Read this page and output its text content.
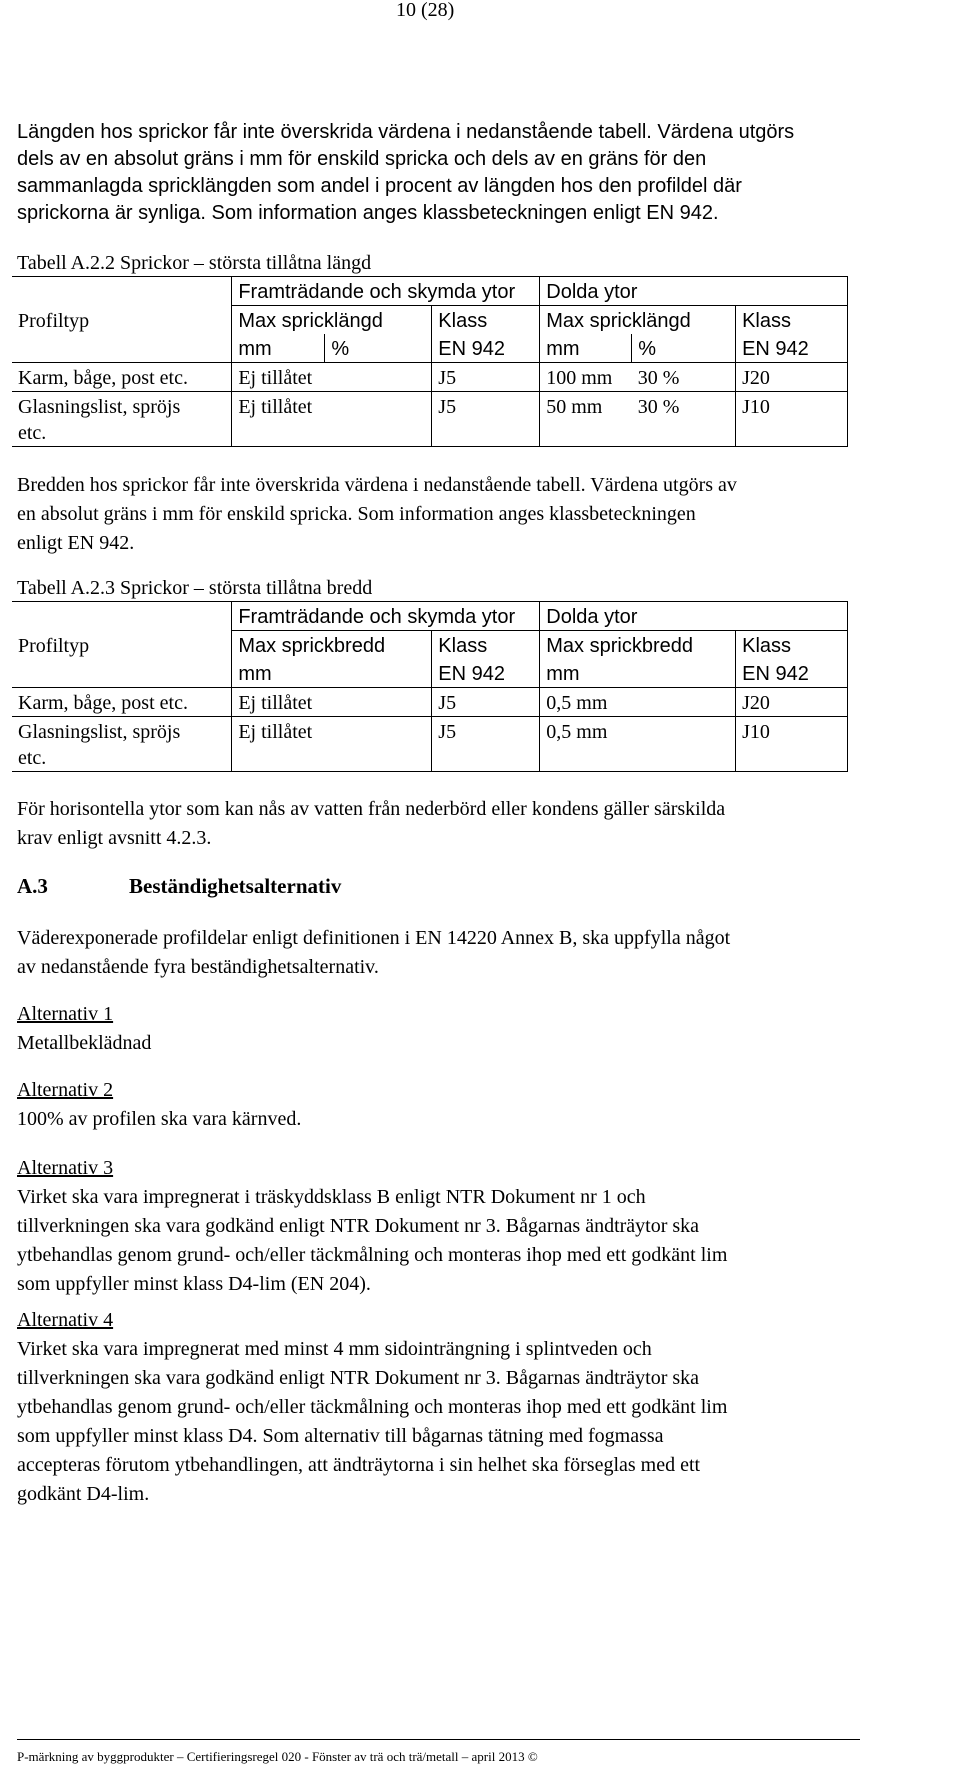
10 (28)
Längden hos sprickor får inte överskrida värdena i nedanstående tabell. Värdena utgörs
dels av en absolut gräns i mm för enskild spricka och dels av en gräns för den
sammanlagda spricklängden som andel i procent av längden hos den profildel där
sprickorna är synliga. Som information anges klassbeteckningen enligt EN 942.
Tabell A.2.2 Sprickor – största tillåtna längd
	Framträdande och skymda ytor			Dolda ytor		
Profiltyp	Max spricklängd		Klass	Max spricklängd		Klass
	mm	%	EN 942	mm	%	EN 942
Karm, båge, post etc.	Ej tillåtet		J5	100 mm	30 %	J20

Glasningslist, spröjs
etc.	Ej tillåtet		J5	50 mm	30 %	J10
Bredden hos sprickor får inte överskrida värdena i nedanstående tabell. Värdena utgörs av
en absolut gräns i mm för enskild spricka. Som information anges klassbeteckningen
enligt EN 942.
Tabell A.2.3 Sprickor – största tillåtna bredd
	Framträdande och skymda ytor		Dolda ytor	
Profiltyp	Max sprickbredd	Klass	Max sprickbredd	Klass
	mm	EN 942	mm	EN 942
Karm, båge, post etc.	Ej tillåtet	J5	0,5 mm	J20

Glasningslist, spröjs
etc.	Ej tillåtet	J5	0,5 mm	J10
För horisontella ytor som kan nås av vatten från nederbörd eller kondens gäller särskilda
krav enligt avsnitt 4.2.3.
A.3	Beständighetsalternativ
Väderexponerade profildelar enligt definitionen i EN 14220 Annex B, ska uppfylla något
av nedanstående fyra beständighetsalternativ.
Alternativ 1
Metallbeklädnad
Alternativ 2
100% av profilen ska vara kärnved.
Alternativ 3
Virket ska vara impregnerat i träskyddsklass B enligt NTR Dokument nr 1 och
tillverkningen ska vara godkänd enligt NTR Dokument nr 3. Bågarnas ändträytor ska
ytbehandlas genom grund- och/eller täckmålning och monteras ihop med ett godkänt lim
som uppfyller minst klass D4-lim (EN 204).
Alternativ 4
Virket ska vara impregnerat med minst 4 mm sidointrängning i splintveden och
tillverkningen ska vara godkänd enligt NTR Dokument nr 3. Bågarnas ändträytor ska
ytbehandlas genom grund- och/eller täckmålning och monteras ihop med ett godkänt lim
som uppfyller minst klass D4. Som alternativ till bågarnas tätning med fogmassa
accepteras förutom ytbehandlingen, att ändträytorna i sin helhet ska förseglas med ett
godkänt D4-lim.
P-märkning av byggprodukter – Certifieringsregel 020 - Fönster av trä och trä/metall – april 2013 ©
